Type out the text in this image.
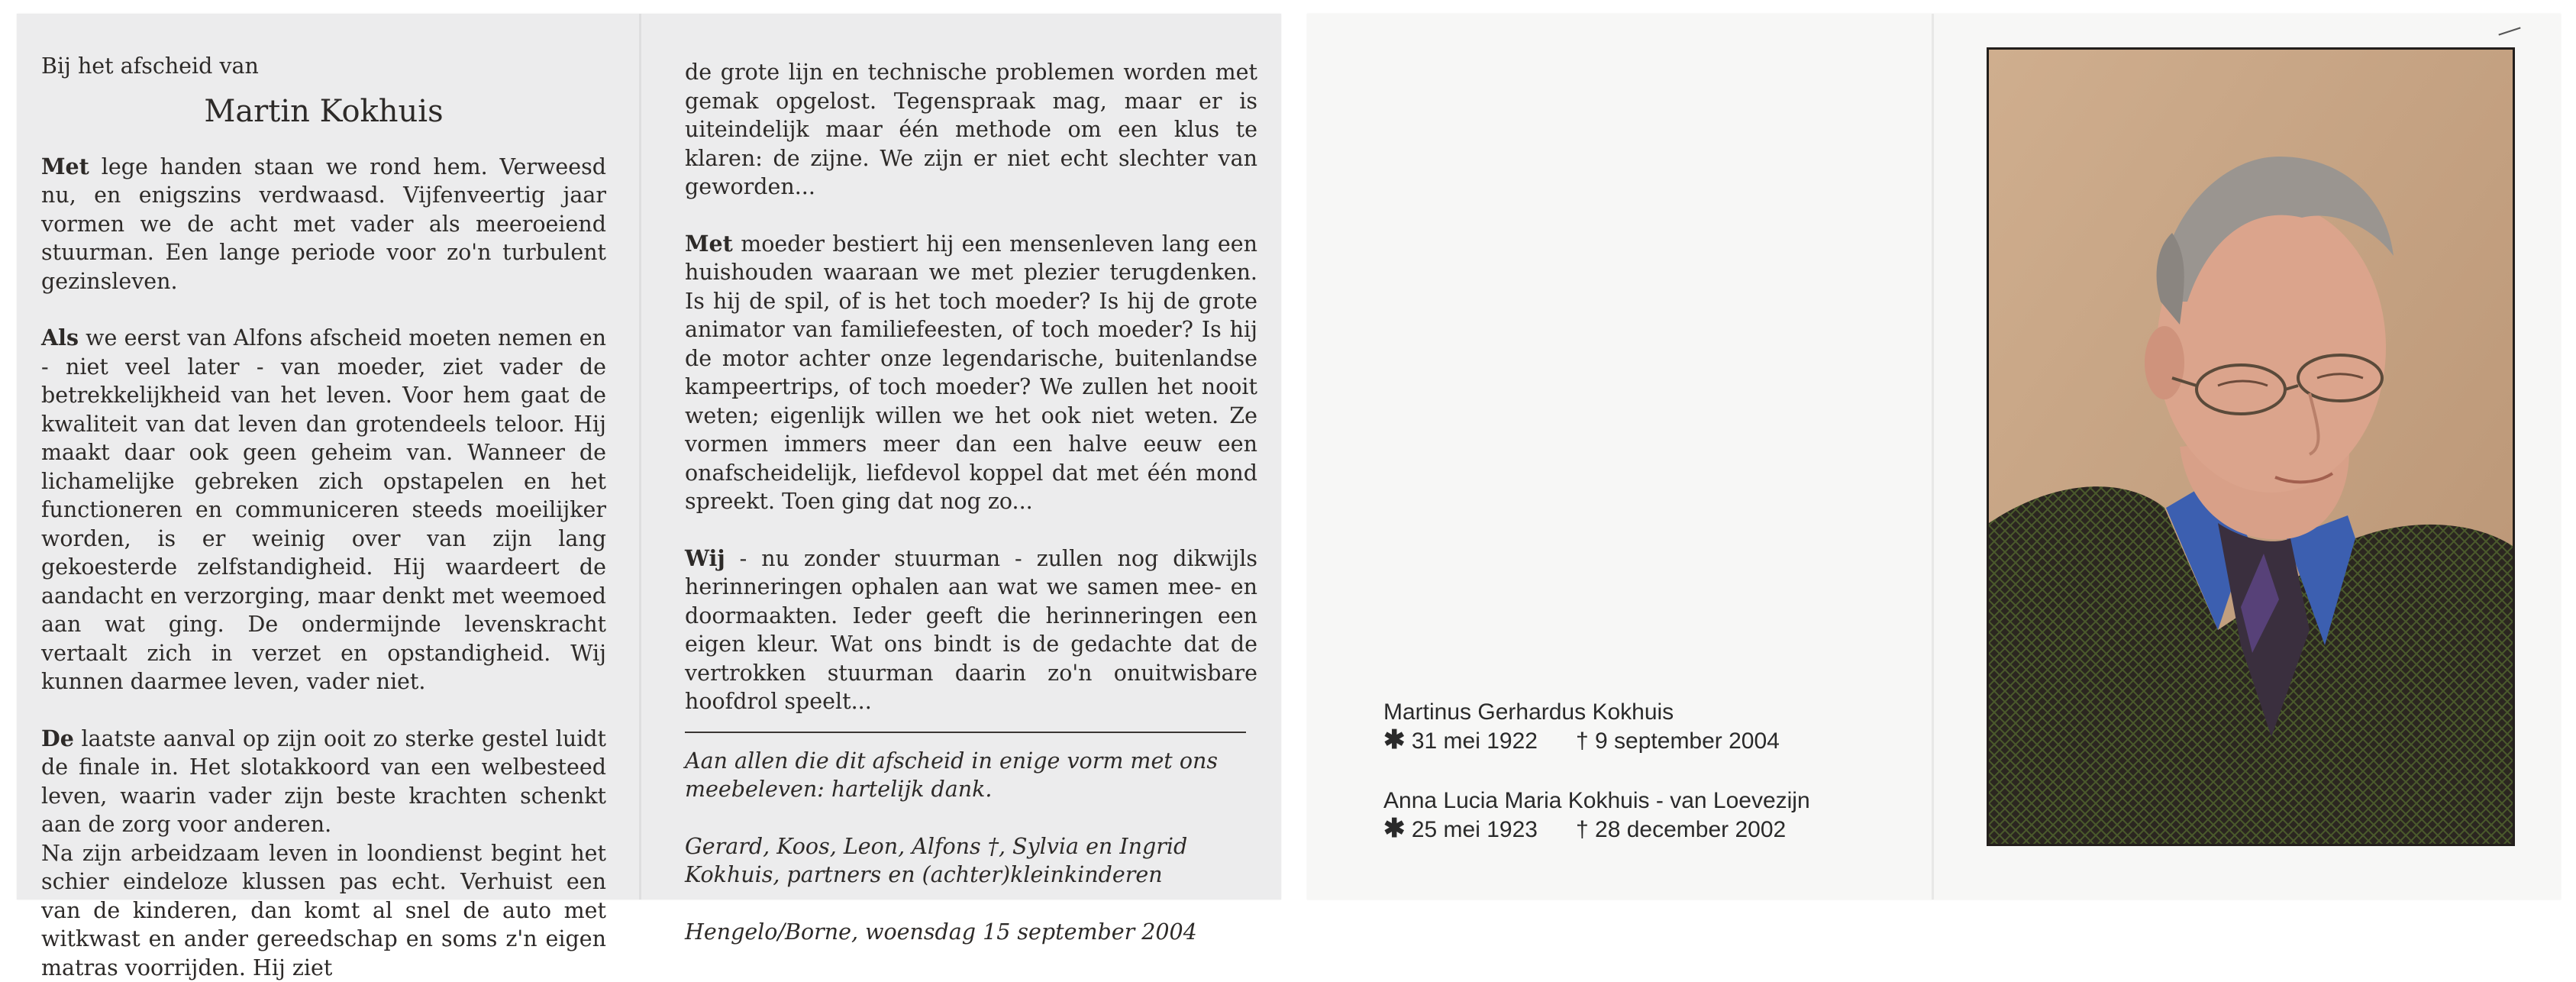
Bij het afscheid van

Martin Kokhuis

Met lege handen staan we rond hem. Verweesd nu, en enigszins verdwaasd. Vijfenveertig jaar vormen we de acht met vader als meeroeiend stuurman. Een lange periode voor zo'n turbulent gezinsleven.

Als we eerst van Alfons afscheid moeten nemen en - niet veel later - van moeder, ziet vader de betrekkelijkheid van het leven. Voor hem gaat de kwaliteit van dat leven dan grotendeels teloor. Hij maakt daar ook geen geheim van. Wanneer de lichamelijke gebreken zich opstapelen en het functioneren en communiceren steeds moeilijker worden, is er weinig over van zijn lang gekoesterde zelfstandigheid. Hij waardeert de aandacht en verzorging, maar denkt met weemoed aan wat ging. De ondermijnde levenskracht vertaalt zich in verzet en opstandigheid. Wij kunnen daarmee leven, vader niet.

De laatste aanval op zijn ooit zo sterke gestel luidt de finale in. Het slotakkoord van een welbesteed leven, waarin vader zijn beste krachten schenkt aan de zorg voor anderen.

Na zijn arbeidzaam leven in loondienst begint het schier eindeloze klussen pas echt. Verhuist een van de kinderen, dan komt al snel de auto met witkwast en ander gereedschap en soms z'n eigen matras voorrijden. Hij ziet

de grote lijn en technische problemen worden met gemak opgelost. Tegenspraak mag, maar er is uiteindelijk maar één methode om een klus te klaren: de zijne. We zijn er niet echt slechter van geworden...

Met moeder bestiert hij een mensenleven lang een huishouden waaraan we met plezier terugdenken. Is hij de spil, of is het toch moeder? Is hij de grote animator van familiefeesten, of toch moeder? Is hij de motor achter onze legendarische, buitenlandse kampeertrips, of toch moeder? We zullen het nooit weten; eigenlijk willen we het ook niet weten. Ze vormen immers meer dan een halve eeuw een onafscheidelijk, liefdevol koppel dat met één mond spreekt. Toen ging dat nog zo...

Wij - nu zonder stuurman - zullen nog dikwijls herinneringen ophalen aan wat we samen mee- en doormaakten. Ieder geeft die herinneringen een eigen kleur. Wat ons bindt is de gedachte dat de vertrokken stuurman daarin zo'n onuitwisbare hoofdrol speelt...

Aan allen die dit afscheid in enige vorm met ons meebeleven: hartelijk dank.

Gerard, Koos, Leon, Alfons †, Sylvia en Ingrid Kokhuis, partners en (achter)kleinkinderen

Hengelo/Borne, woensdag 15 september 2004

Martinus Gerhardus Kokhuis
✱ 31 mei 1922 † 9 september 2004
Anna Lucia Maria Kokhuis - van Loevezijn
✱ 25 mei 1923 † 28 december 2002
